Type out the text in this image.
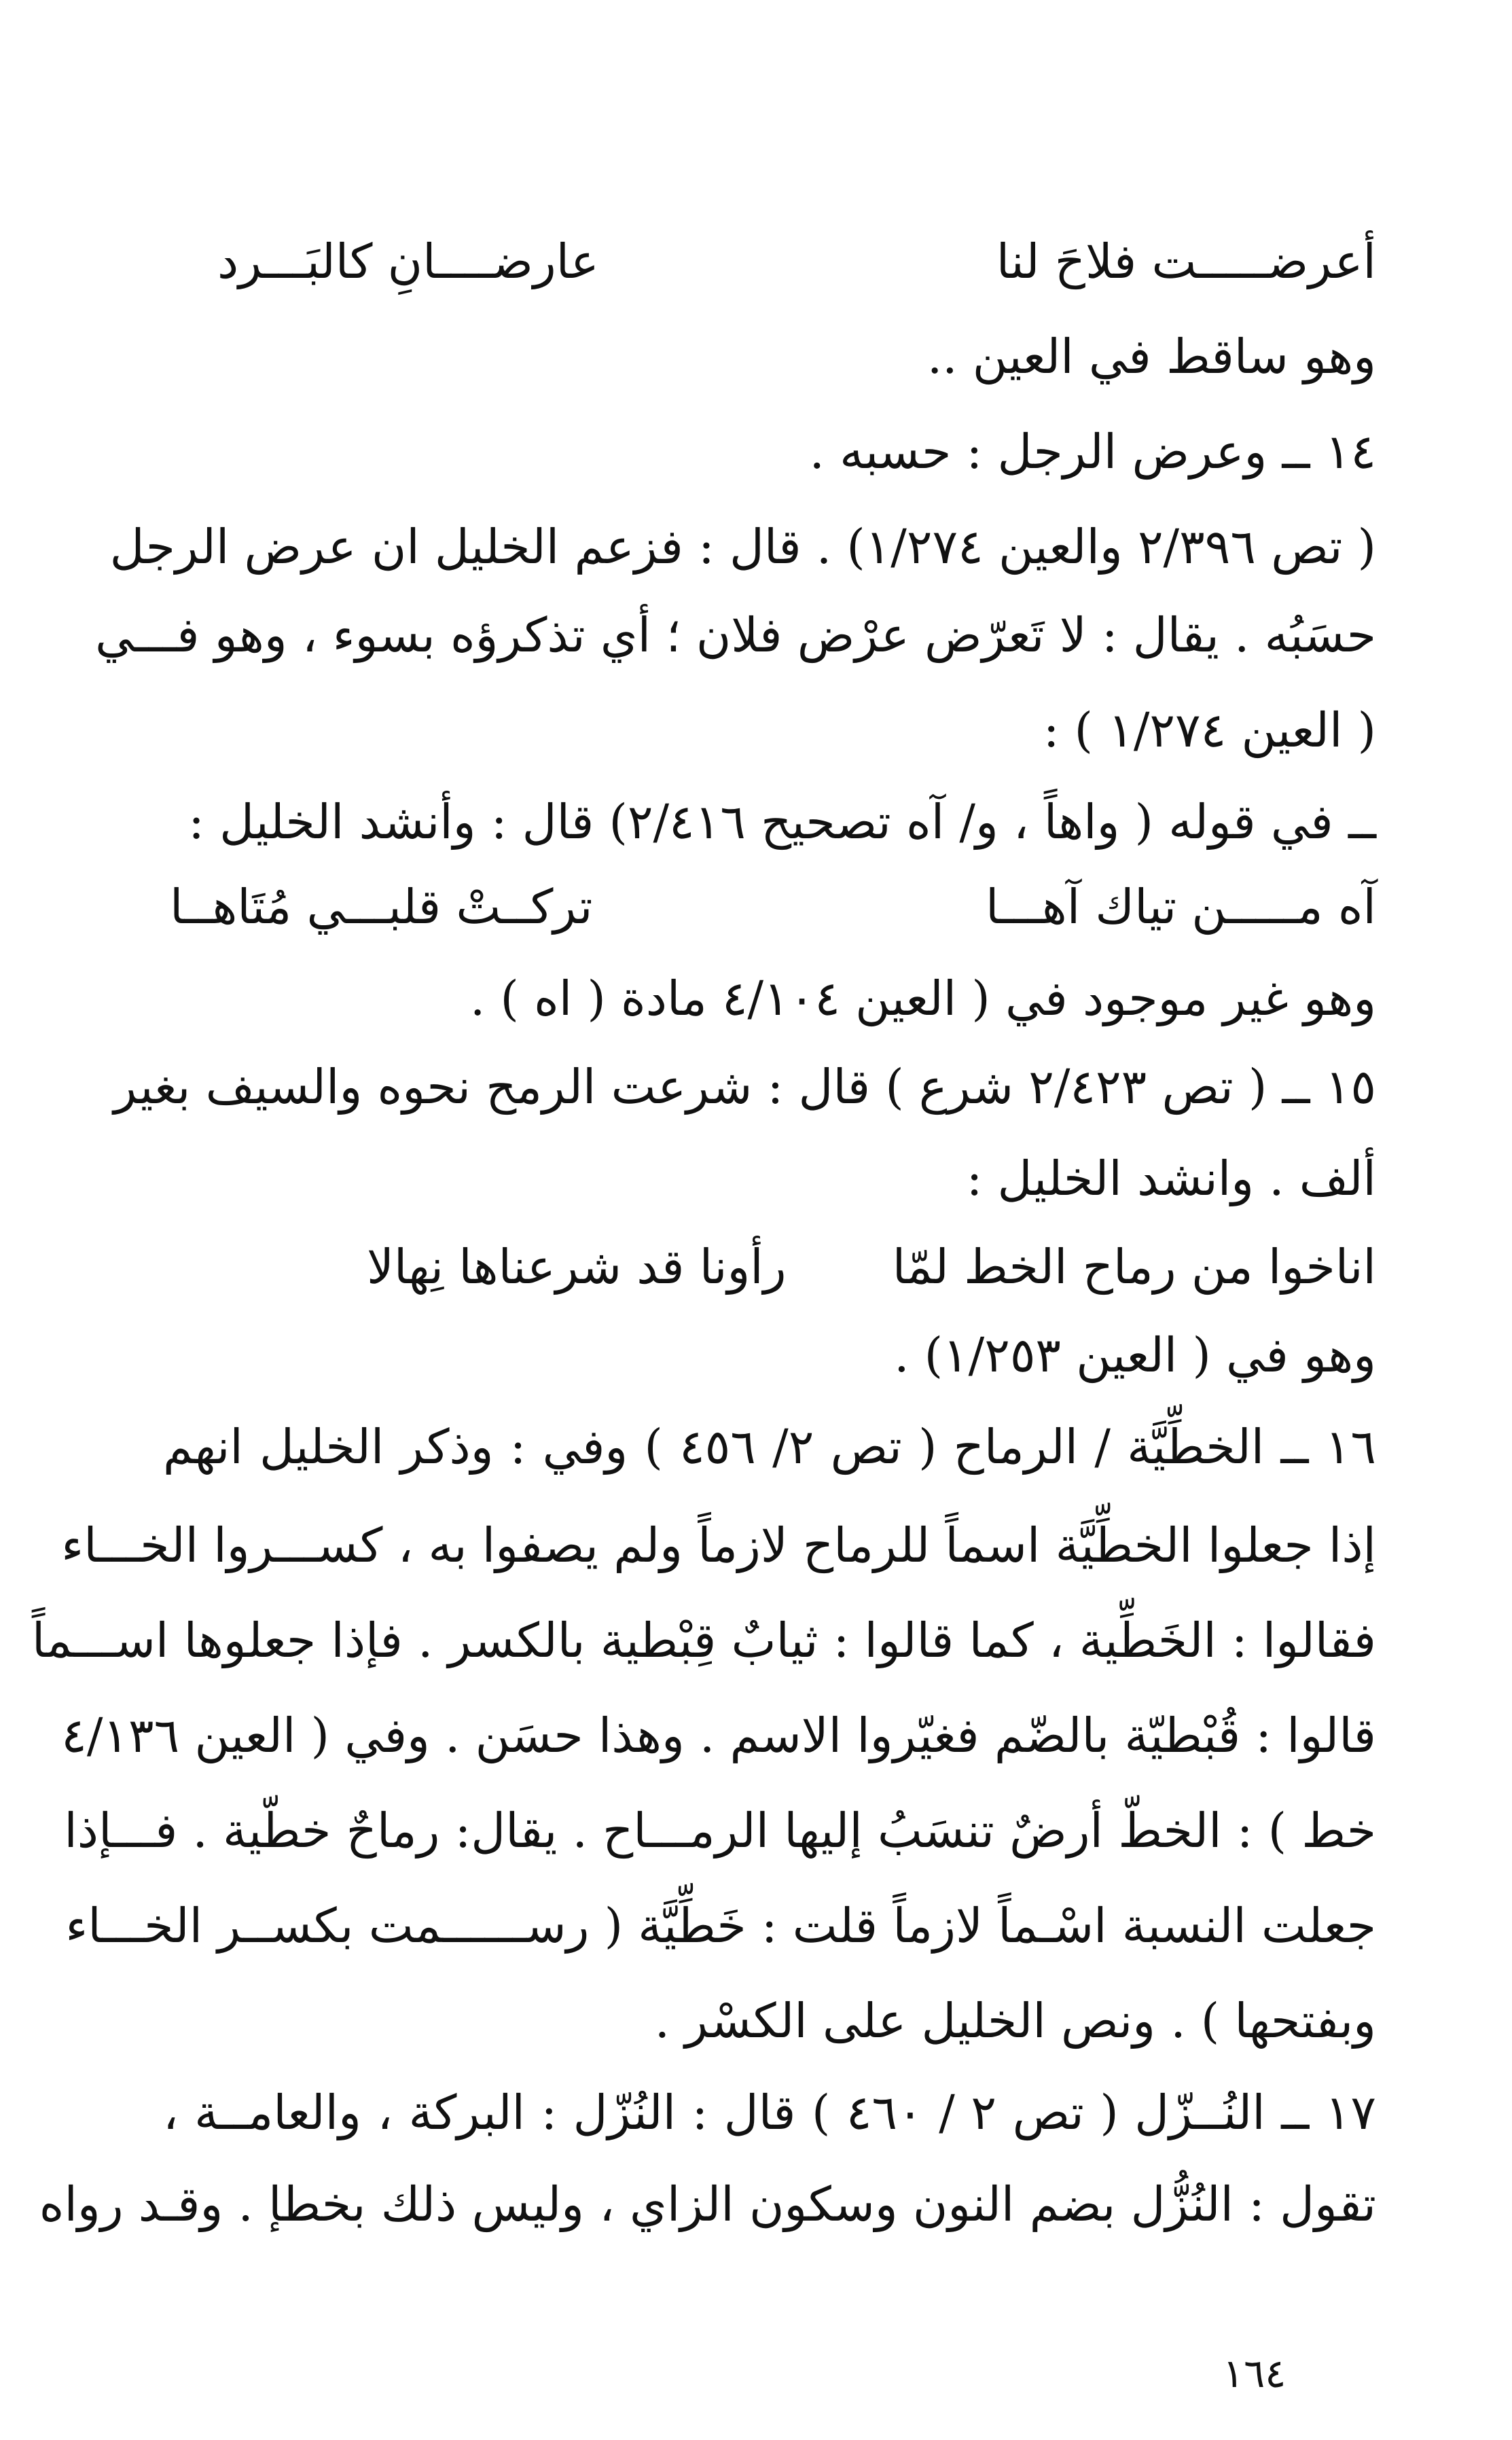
أعرضـــــت فلاحَ لنا
عارضــــانِ كالبَـــرد
وهو ساقط في العين ..
١٤ ــ وعرض الرجل : حسبه .
( تص ٢/٣٩٦ والعين ١/٢٧٤) . قال : فزعم الخليل ان عرض الرجل
حسَبُه . يقال : لا تَعرّض عرْض فلان ؛ أي تذكرؤه بسوء ، وهو فـــي
( العين ١/٢٧٤ ) :
ــ في قوله ( واهاً ، و/ آه تصحيح ٢/٤١٦) قال : وأنشد الخليل :
آه مـــــن تياك آهـــا
تركــتْ قلبـــي مُتَاهــا
وهو غير موجود في ( العين ٤/١٠٤ مادة ( اه ) .
١٥ ــ ( تص ٢/٤٢٣ شرع ) قال : شرعت الرمح نحوه والسيف بغير
ألف . وانشد الخليل :
اناخوا من رماح الخط لمّا
رأونا قد شرعناها نِهالا
وهو في ( العين ١/٢٥٣) .
١٦ ــ الخطِّيَّة / الرماح ( تص ٢/ ٤٥٦ ) وفي : وذكر الخليل انهم
إذا جعلوا الخطِّيَّة اسماً للرماح لازماً ولم يصفوا به ، كســـروا الخـــاء
فقالوا : الخَطِّية ، كما قالوا : ثيابٌ قِبْطية بالكسر . فإذا جعلوها اســـماً
قالوا : قُبْطيّة بالضّم فغيّروا الاسم . وهذا حسَن . وفي ( العين ٤/١٣٦
خط ) : الخطّ أرضٌ تنسَبُ إليها الرمـــاح . يقال: رماحٌ خطّية . فـــإذا
جعلت النسبة اسْـماً لازماً قلت : خَطِّيَّة ( رســــــمت بكســر الخـــاء
وبفتحها ) . ونص الخليل على الكسْر .
١٧ ــ النُــزّل ( تص ٢ / ٤٦٠ ) قال : النُزّل : البركة ، والعامــة ،
تقول : النُزُّل بضم النون وسكون الزاي ، وليس ذلك بخطإ . وقـد رواه
١٦٤
